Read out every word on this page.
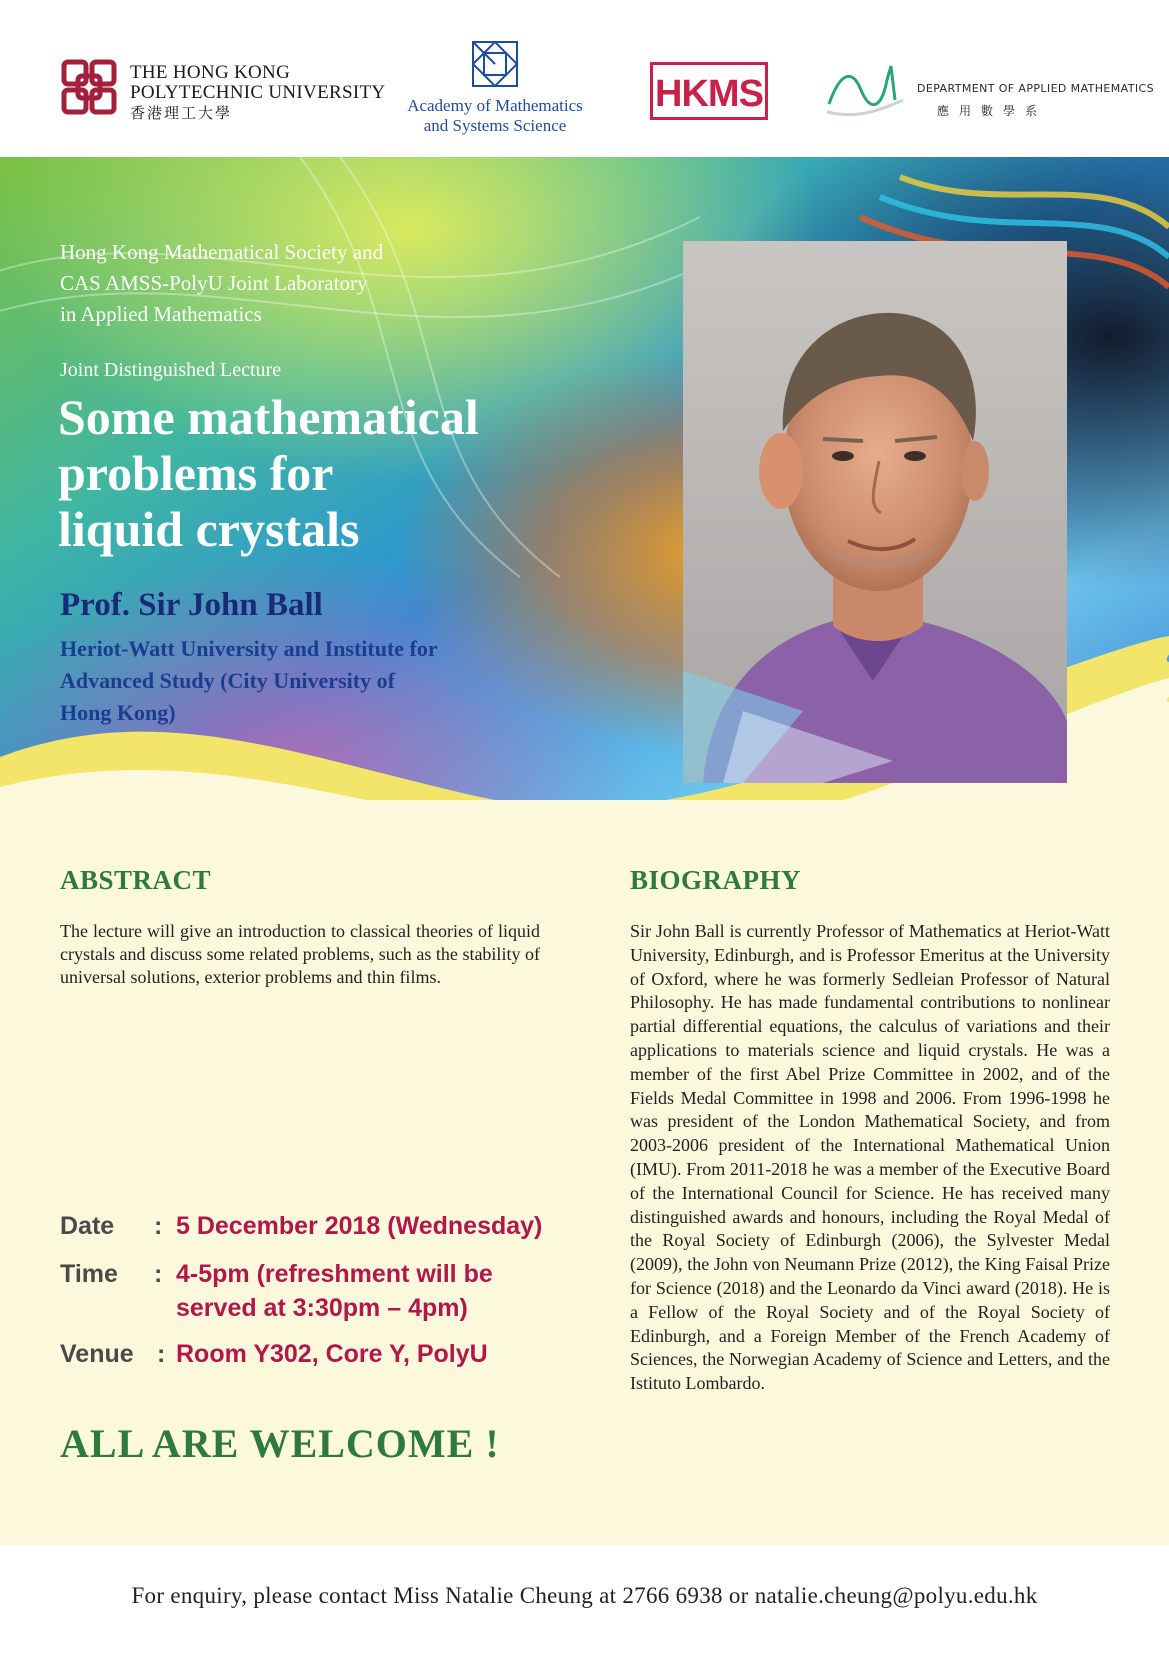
THE HONG KONG
POLYTECHNIC UNIVERSITY
香港理工大學	Academy of Mathematics
and Systems Science
HKMS	DEPARTMENT OF APPLIED MATHEMATICS
應用數學系
Hong Kong Mathematical Society and
CAS AMSS-PolyU Joint Laboratory
in Applied Mathematics
Joint Distinguished Lecture
Some mathematical
problems for
liquid crystals
Prof. Sir John Ball
Heriot-Watt University and Institute for
Advanced Study (City University of
Hong Kong)
ABSTRACT
The lecture will give an introduction to classical theories of liquid crystals and discuss some related problems, such as the stability of universal solutions, exterior problems and thin films.
BIOGRAPHY
Sir John Ball is currently Professor of Mathematics at Heriot-Watt University, Edinburgh, and is Professor Emeritus at the University of Oxford, where he was formerly Sedleian Professor of Natural Philosophy. He has made fundamental contributions to nonlinear partial differential equations, the calculus of variations and their applications to materials science and liquid crystals. He was a member of the first Abel Prize Committee in 2002, and of the Fields Medal Committee in 1998 and 2006. From 1996-1998 he was president of the London Mathematical Society, and from 2003-2006 president of the International Mathematical Union (IMU). From 2011-2018 he was a member of the Executive Board of the International Council for Science. He has received many distinguished awards and honours, including the Royal Medal of the Royal Society of Edinburgh (2006), the Sylvester Medal (2009), the John von Neumann Prize (2012), the King Faisal Prize for Science (2018) and the Leonardo da Vinci award (2018). He is a Fellow of the Royal Society and of the Royal Society of Edinburgh, and a Foreign Member of the French Academy of Sciences, the Norwegian Academy of Science and Letters, and the Istituto Lombardo.
Date : 5 December 2018 (Wednesday)
Time : 4-5pm (refreshment will be
served at 3:30pm – 4pm)
Venue : Room Y302, Core Y, PolyU
ALL ARE WELCOME !
For enquiry, please contact Miss Natalie Cheung at 2766 6938 or natalie.cheung@polyu.edu.hk
